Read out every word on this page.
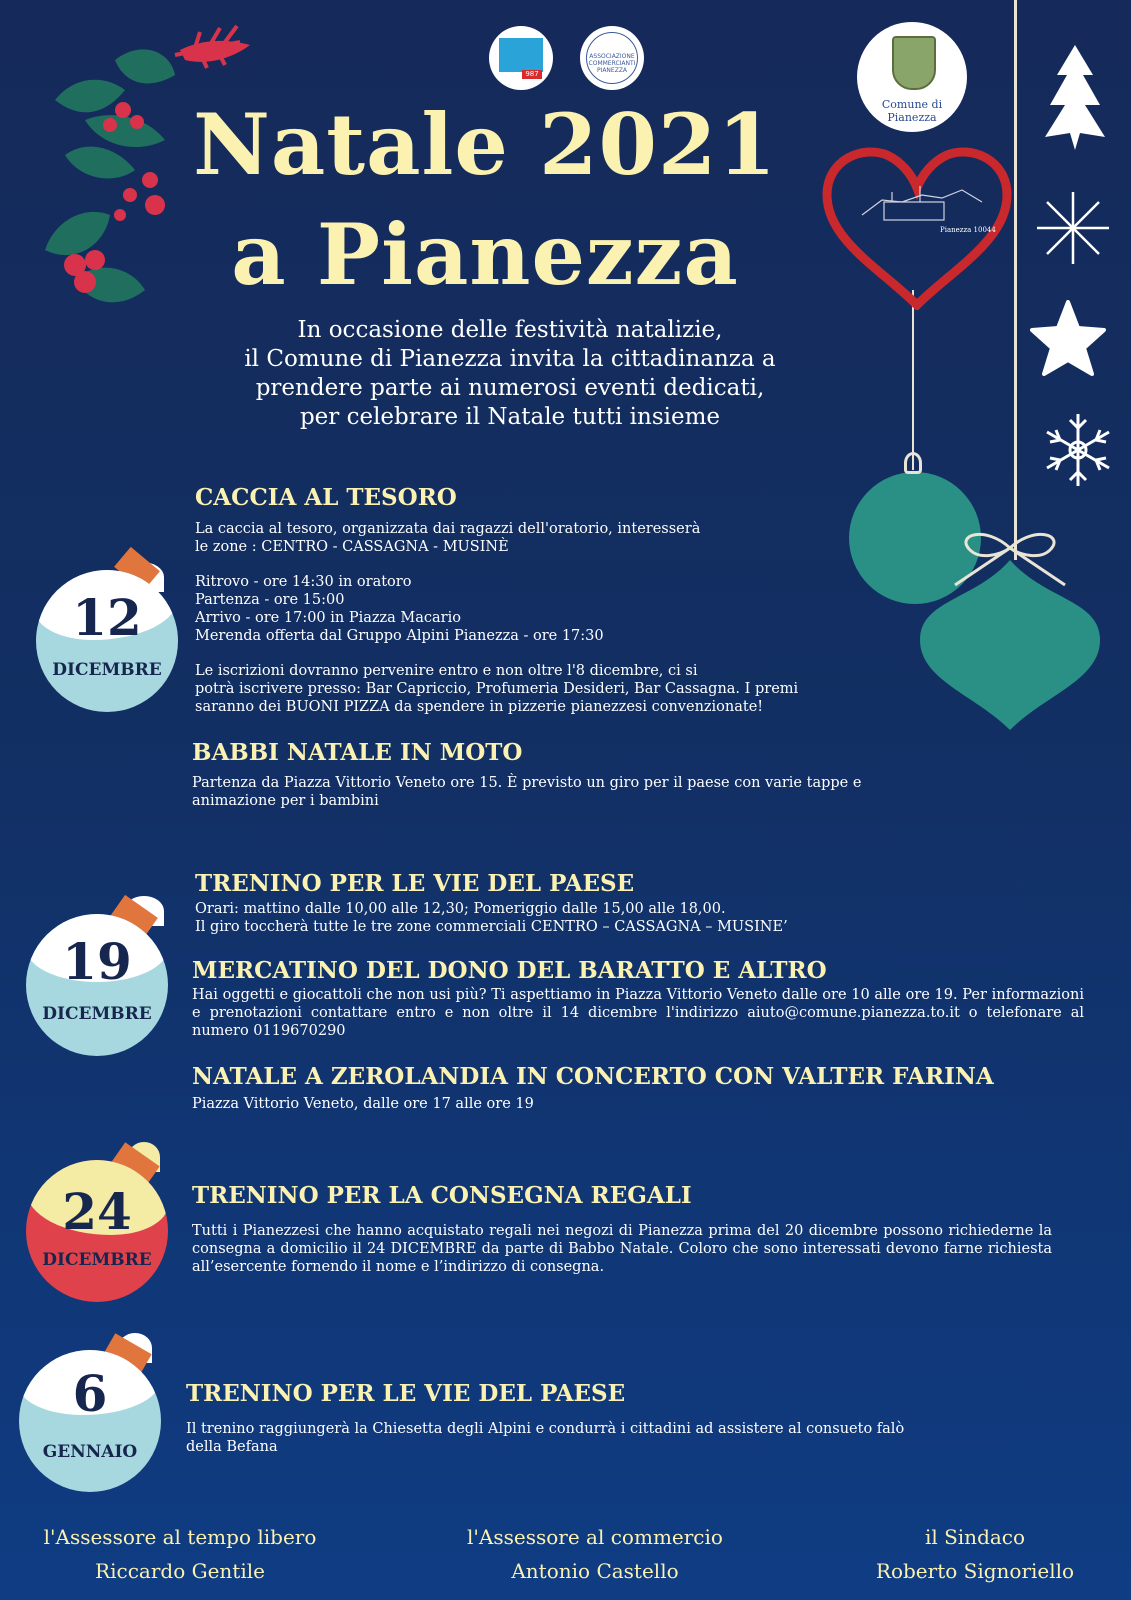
987
ASSOCIAZIONE COMMERCIANTI PIANEZZA
Comune di Pianezza
Pianezza 10044
Natale 2021
a Pianezza
In occasione delle festività natalizie,
il Comune di Pianezza invita la cittadinanza a
prendere parte ai numerosi eventi dedicati,
per celebrare il Natale tutti insieme
12
DICEMBRE
CACCIA AL TESORO
La caccia al tesoro, organizzata dai ragazzi dell'oratorio, interesserà
le zone : CENTRO - CASSAGNA - MUSINÈ
Ritrovo - ore 14:30 in oratoro
Partenza - ore 15:00
Arrivo - ore 17:00 in Piazza Macario
Merenda offerta dal Gruppo Alpini Pianezza - ore 17:30
Le iscrizioni dovranno pervenire entro e non oltre l'8 dicembre, ci si
potrà iscrivere presso: Bar Capriccio, Profumeria Desideri, Bar Cassagna. I premi
saranno dei BUONI PIZZA da spendere in pizzerie pianezzesi convenzionate!
BABBI NATALE IN MOTO
Partenza da Piazza Vittorio Veneto ore 15. È previsto un giro per il paese con varie tappe e
animazione per i bambini
19
DICEMBRE
TRENINO PER LE VIE DEL PAESE
Orari: mattino dalle 10,00 alle 12,30; Pomeriggio dalle 15,00 alle 18,00.
Il giro toccherà tutte le tre zone commerciali CENTRO – CASSAGNA – MUSINE’
MERCATINO DEL DONO DEL BARATTO E ALTRO
Hai oggetti e giocattoli che non usi più? Ti aspettiamo in Piazza Vittorio Veneto dalle ore 10 alle ore 19. Per informazioni e prenotazioni contattare entro e non oltre il 14 dicembre l'indirizzo aiuto@comune.pianezza.to.it o telefonare al numero 0119670290
NATALE A ZEROLANDIA IN CONCERTO CON VALTER FARINA
Piazza Vittorio Veneto, dalle ore 17 alle ore 19
24
DICEMBRE
TRENINO PER LA CONSEGNA REGALI
Tutti i Pianezzesi che hanno acquistato regali nei negozi di Pianezza prima del 20 dicembre possono richiederne la consegna a domicilio il 24 DICEMBRE da parte di Babbo Natale. Coloro che sono interessati devono farne richiesta all’esercente fornendo il nome e l’indirizzo di consegna.
6
GENNAIO
TRENINO PER LE VIE DEL PAESE
Il trenino raggiungerà la Chiesetta degli Alpini e condurrà i cittadini ad assistere al consueto falò
della Befana
l'Assessore al tempo libero
Riccardo Gentile
l'Assessore al commercio
Antonio Castello
il Sindaco
Roberto Signoriello
